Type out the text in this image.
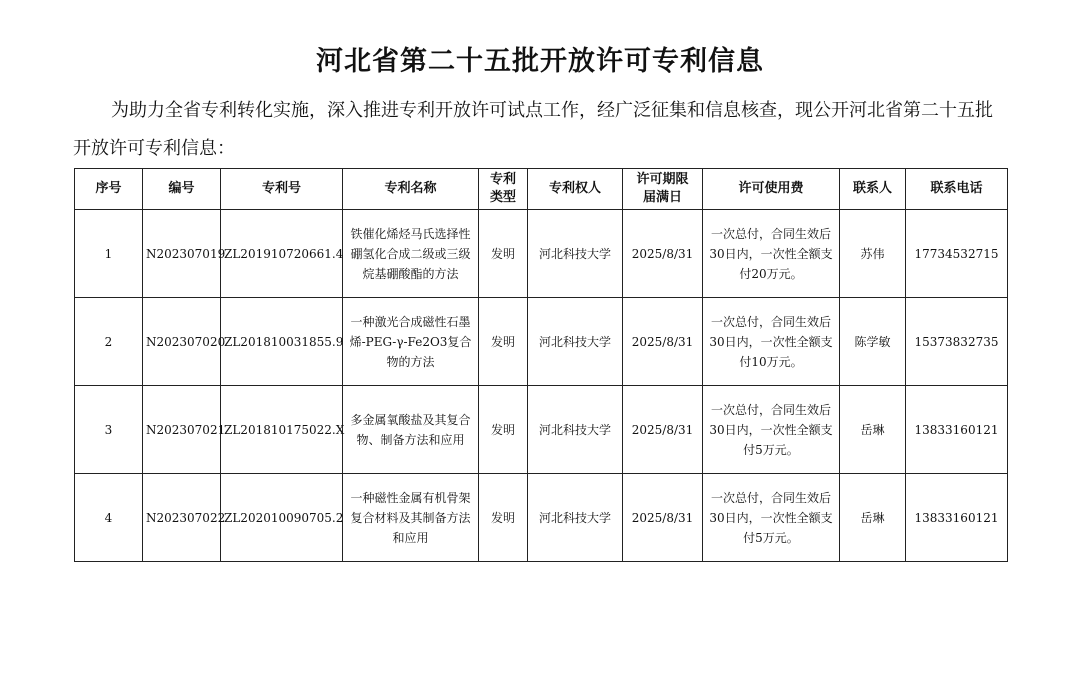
河北省第二十五批开放许可专利信息

为助力全省专利转化实施，深入推进专利开放许可试点工作，经广泛征集和信息核查，现公开河北省第二十五批开放许可专利信息：

序号	编号	专利号	专利名称	专利类型	专利权人	许可期限届满日	许可使用费	联系人	联系电话
1	N202307019	ZL201910720661.4	铁催化烯烃马氏选择性硼氢化合成二级或三级烷基硼酸酯的方法	发明	河北科技大学	2025/8/31	一次总付，合同生效后30日内，一次性全额支付20万元。	苏伟	17734532715
2	N202307020	ZL201810031855.9	一种激光合成磁性石墨烯-PEG-γ-Fe2O3复合物的方法	发明	河北科技大学	2025/8/31	一次总付，合同生效后30日内，一次性全额支付10万元。	陈学敏	15373832735
3	N202307021	ZL201810175022.X	多金属氧酸盐及其复合物、制备方法和应用	发明	河北科技大学	2025/8/31	一次总付，合同生效后30日内，一次性全额支付5万元。	岳琳	13833160121
4	N202307022	ZL202010090705.2	一种磁性金属有机骨架复合材料及其制备方法和应用	发明	河北科技大学	2025/8/31	一次总付，合同生效后30日内，一次性全额支付5万元。	岳琳	13833160121
